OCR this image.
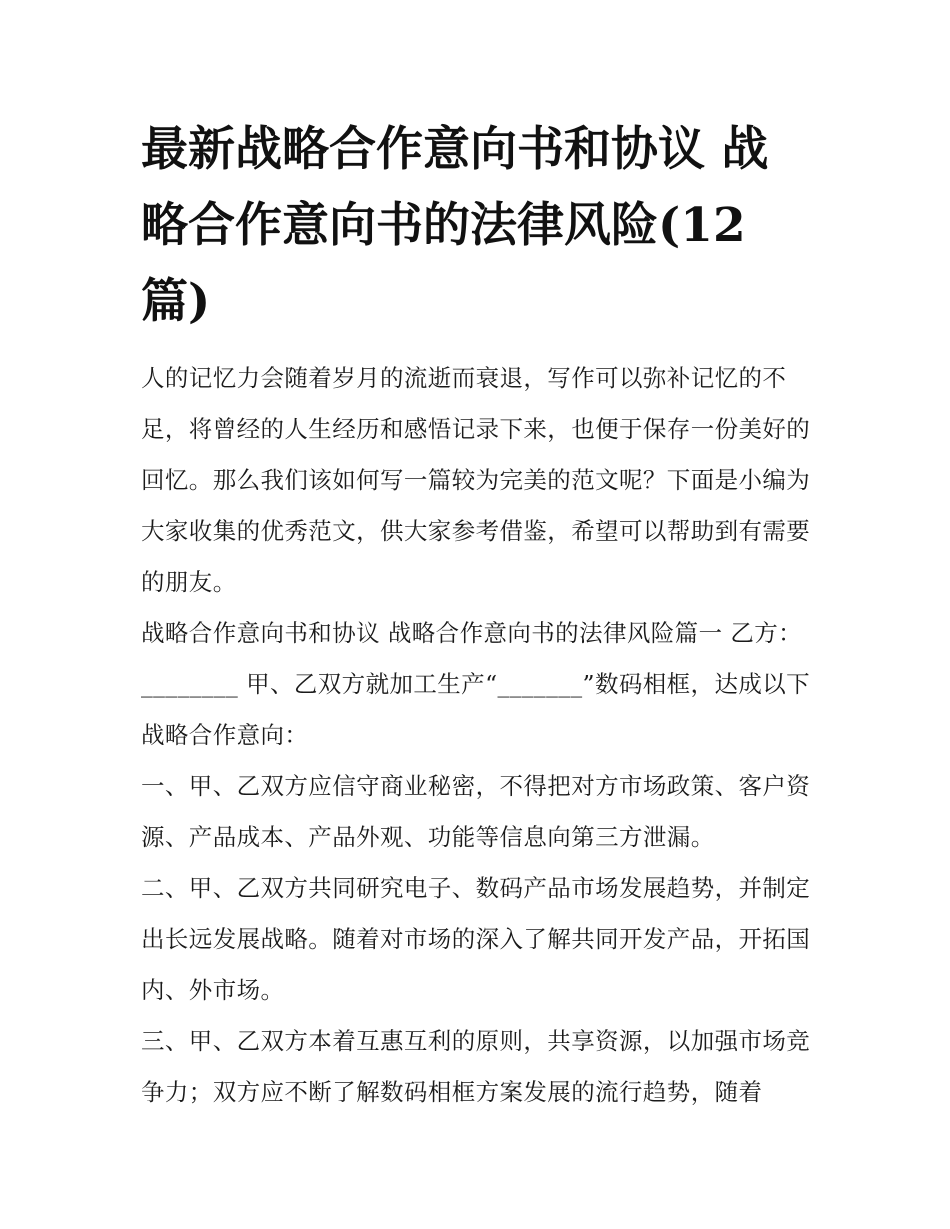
最新战略合作意向书和协议 战略合作意向书的法律风险(12篇)

人的记忆力会随着岁月的流逝而衰退，写作可以弥补记忆的不足，将曾经的人生经历和感悟记录下来，也便于保存一份美好的回忆。那么我们该如何写一篇较为完美的范文呢？下面是小编为大家收集的优秀范文，供大家参考借鉴，希望可以帮助到有需要的朋友。

战略合作意向书和协议 战略合作意向书的法律风险篇一 乙方：________ 甲、乙双方就加工生产“_______”数码相框，达成以下战略合作意向：

一、甲、乙双方应信守商业秘密，不得把对方市场政策、客户资源、产品成本、产品外观、功能等信息向第三方泄漏。

二、甲、乙双方共同研究电子、数码产品市场发展趋势，并制定出长远发展战略。随着对市场的深入了解共同开发产品，开拓国内、外市场。

三、甲、乙双方本着互惠互利的原则，共享资源，以加强市场竞争力；双方应不断了解数码相框方案发展的流行趋势，随着
